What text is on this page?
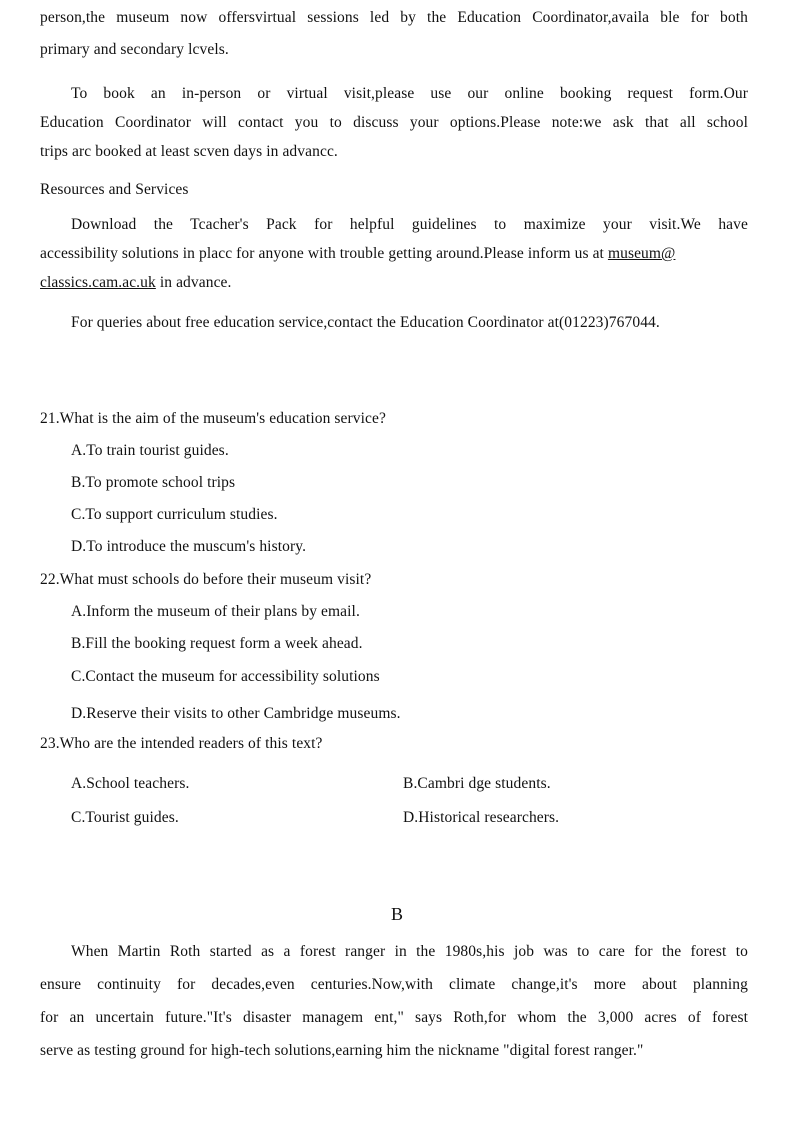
person,the museum now offersvirtual sessions led by the Education Coordinator,availa ble for both
primary and secondary lcvels.
To book an in-person or virtual visit,please use our online booking request form.Our
Education Coordinator will contact you to discuss your options.Please note:we ask that all school
trips arc booked at least scven days in advancc.
Resources and Services
Download the Tcacher's Pack for helpful guidelines to maximize your visit.We have
accessibility solutions in placc for anyone with trouble getting around.Please inform us at museum@
classics.cam.ac.uk in advance.
For queries about free education service,contact the Education Coordinator at(01223)767044.
21.What is the aim of the museum's education service?
A.To train tourist guides.
B.To promote school trips
C.To support curriculum studies.
D.To introduce the muscum's history.
22.What must schools do before their museum visit?
A.Inform the museum of their plans by email.
B.Fill the booking request form a week ahead.
C.Contact the museum for accessibility solutions
D.Reserve their visits to other Cambridge museums.
23.Who are the intended readers of this text?
A.School teachers.	B.Cambri dge students.
C.Tourist guides.	D.Historical researchers.
B
When Martin Roth started as a forest ranger in the 1980s,his job was to care for the forest to
ensure continuity for decades,even centuries.Now,with climate change,it's more about planning
for an uncertain future."It's disaster managem ent," says Roth,for whom the 3,000 acres of forest
serve as testing ground for high-tech solutions,earning him the nickname "digital forest ranger."
